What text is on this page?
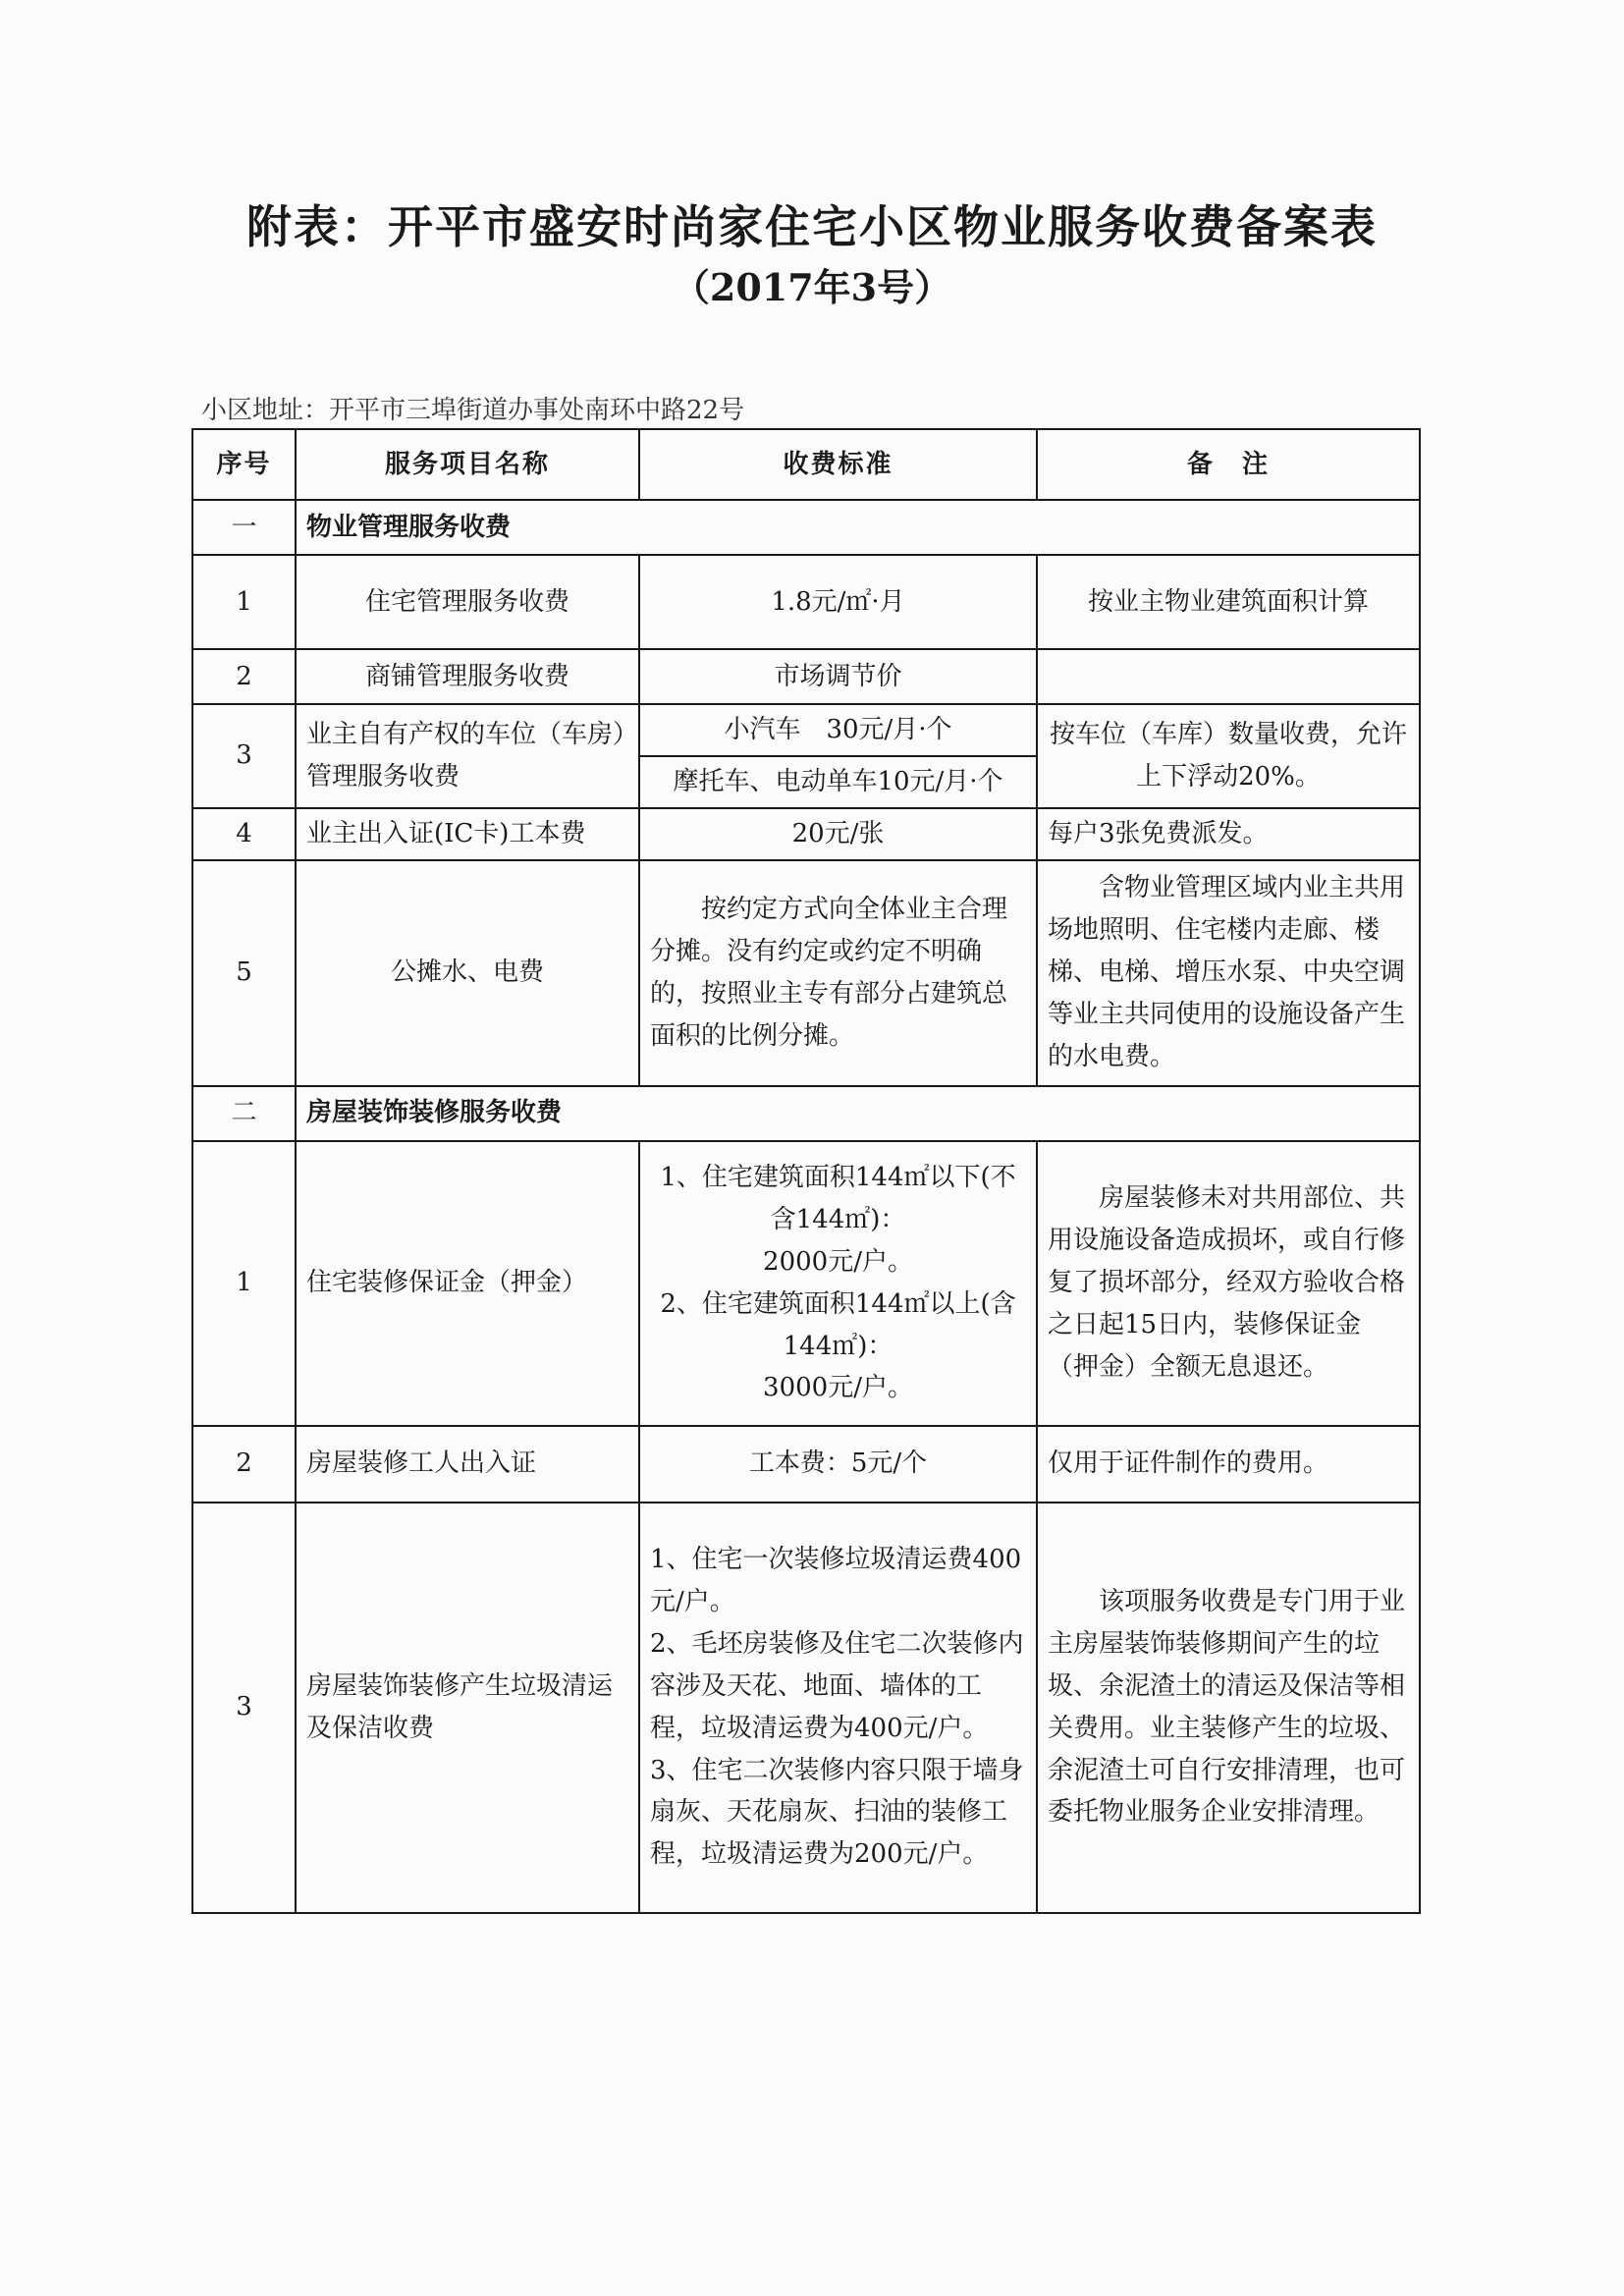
附表：开平市盛安时尚家住宅小区物业服务收费备案表
（2017年3号）
小区地址：开平市三埠街道办事处南环中路22号
序号	服务项目名称	收费标准	备　注
一	物业管理服务收费		
1	住宅管理服务收费	1.8元/㎡·月	按业主物业建筑面积计算
2	商铺管理服务收费	市场调节价	
3	业主自有产权的车位（车房）管理服务收费	小汽车　30元/月·个	按车位（车库）数量收费，允许上下浮动20%。
		摩托车、电动单车10元/月·个	
4	业主出入证(IC卡)工本费	20元/张	每户3张免费派发。
5	公摊水、电费	按约定方式向全体业主合理分摊。没有约定或约定不明确的，按照业主专有部分占建筑总面积的比例分摊。	含物业管理区域内业主共用场地照明、住宅楼内走廊、楼梯、电梯、增压水泵、中央空调等业主共同使用的设施设备产生的水电费。
二	房屋装饰装修服务收费		
1	住宅装修保证金（押金）	1、住宅建筑面积144㎡以下(不含144㎡)：
2000元/户。
2、住宅建筑面积144㎡以上(含144㎡)：
3000元/户。	房屋装修未对共用部位、共用设施设备造成损坏，或自行修复了损坏部分，经双方验收合格之日起15日内，装修保证金（押金）全额无息退还。
2	房屋装修工人出入证	工本费：5元/个	仅用于证件制作的费用。
3	房屋装饰装修产生垃圾清运及保洁收费	1、住宅一次装修垃圾清运费400元/户。
2、毛坯房装修及住宅二次装修内容涉及天花、地面、墙体的工程，垃圾清运费为400元/户。
3、住宅二次装修内容只限于墙身扇灰、天花扇灰、扫油的装修工程，垃圾清运费为200元/户。	该项服务收费是专门用于业主房屋装饰装修期间产生的垃圾、余泥渣土的清运及保洁等相关费用。业主装修产生的垃圾、余泥渣土可自行安排清理，也可委托物业服务企业安排清理。
